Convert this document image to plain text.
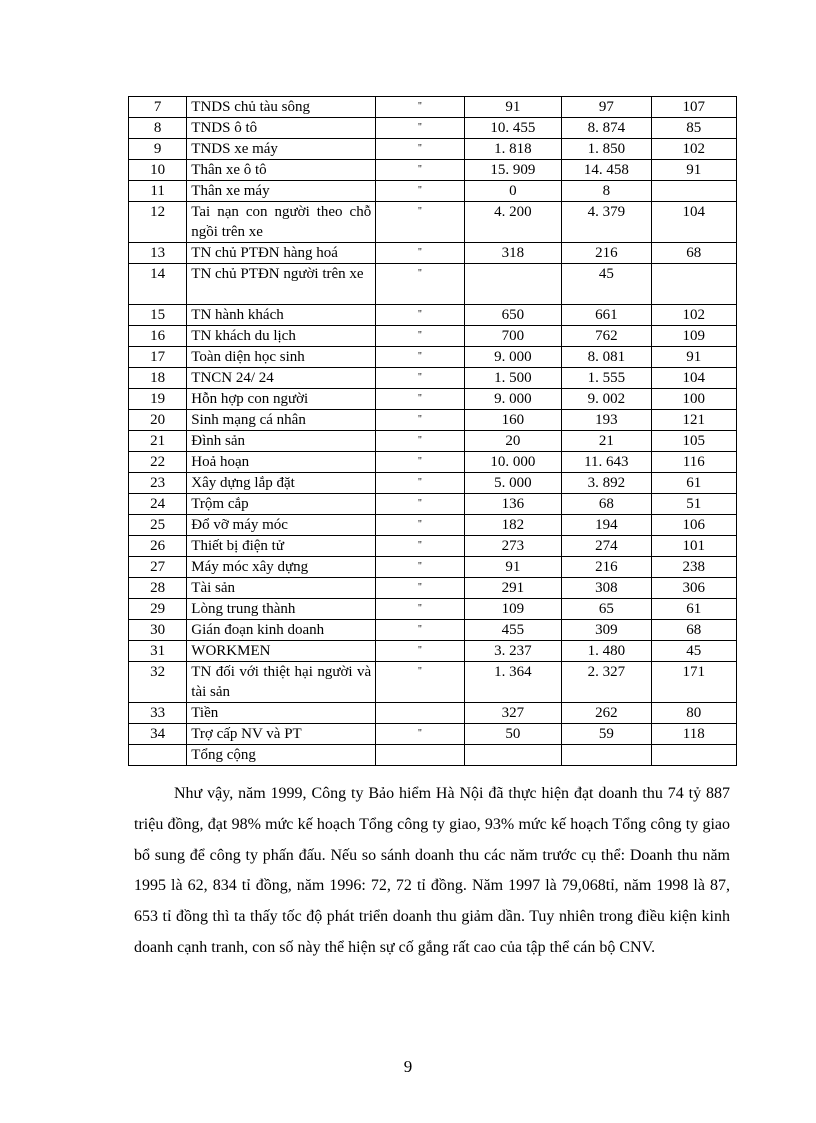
7	TNDS chủ tàu sông	"	91	97	107
8	TNDS ô tô	"	10. 455	8. 874	85
9	TNDS xe máy	"	1. 818	1. 850	102
10	Thân xe ô tô	"	15. 909	14. 458	91
11	Thân xe máy	"	0	8	
12	Tai nạn con người theo chỗ ngồi trên xe	"	4. 200	4. 379	104
13	TN chủ PTĐN hàng hoá	"	318	216	68
14	TN chủ PTĐN người trên xe	"		45	
15	TN hành khách	"	650	661	102
16	TN khách du lịch	"	700	762	109
17	Toàn diện học sinh	"	9. 000	8. 081	91
18	TNCN 24/ 24	"	1. 500	1. 555	104
19	Hỗn hợp con người	"	9. 000	9. 002	100
20	Sinh mạng cá nhân	"	160	193	121
21	Đình sản	"	20	21	105
22	Hoả hoạn	"	10. 000	11. 643	116
23	Xây dựng lắp đặt	"	5. 000	3. 892	61
24	Trộm cắp	"	136	68	51
25	Đổ vỡ máy móc	"	182	194	106
26	Thiết bị điện tử	"	273	274	101
27	Máy móc xây dựng	"	91	216	238
28	Tài sản	"	291	308	306
29	Lòng trung thành	"	109	65	61
30	Gián đoạn kinh doanh	"	455	309	68
31	WORKMEN	"	3. 237	1. 480	45
32	TN đối với thiệt hại người và tài sản	"	1. 364	2. 327	171
33	Tiền		327	262	80
34	Trợ cấp NV và PT	"	50	59	118
	Tổng cộng				

Như vậy, năm 1999, Công ty Bảo hiểm Hà Nội đã thực hiện đạt doanh thu 74 tỷ 887 triệu đồng, đạt 98% mức kế hoạch Tổng công ty giao, 93% mức kế hoạch Tổng công ty giao bổ sung để công ty phấn đấu. Nếu so sánh doanh thu các năm trước cụ thể: Doanh thu năm 1995 là 62, 834 tỉ đồng, năm 1996: 72, 72 tỉ đồng. Năm 1997 là 79,068tỉ, năm 1998 là 87, 653 tỉ đồng thì ta thấy tốc độ phát triển doanh thu giảm dần. Tuy nhiên trong điều kiện kinh doanh cạnh tranh, con số này thể hiện sự cố gắng rất cao của tập thể cán bộ CNV.

9
